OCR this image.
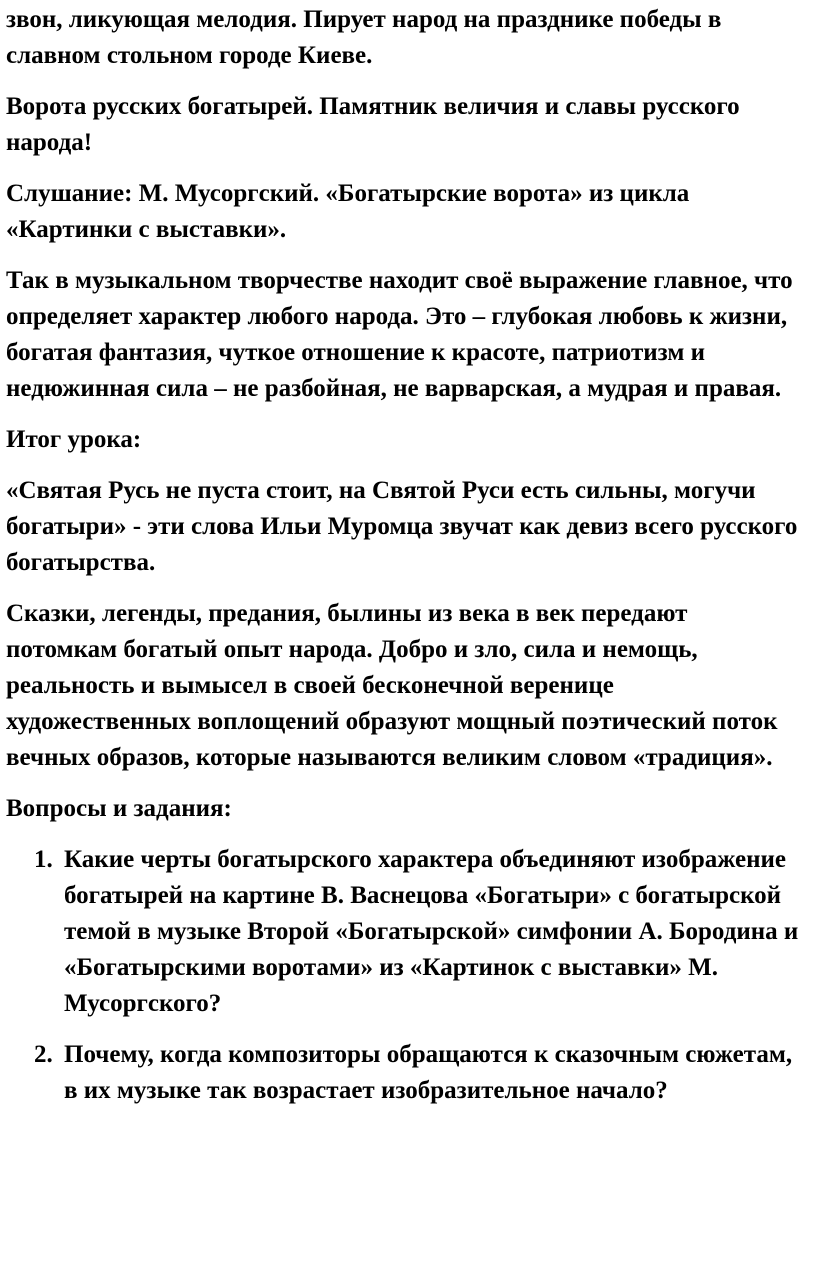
звон, ликующая мелодия. Пирует народ на празднике победы в славном стольном городе Киеве.

Ворота русских богатырей. Памятник величия и славы русского народа!

Слушание: М. Мусоргский. «Богатырские ворота» из цикла «Картинки с выставки».

Так в музыкальном творчестве находит своё выражение главное, что определяет характер любого народа. Это – глубокая любовь к жизни, богатая фантазия, чуткое отношение к красоте, патриотизм и недюжинная сила – не разбойная, не варварская, а мудрая и правая.

Итог урока:

«Святая Русь не пуста стоит, на Святой Руси есть сильны, могучи богатыри» - эти слова Ильи Муромца звучат как девиз всего русского богатырства.

Сказки, легенды, предания, былины из века в век передают потомкам богатый опыт народа. Добро и зло, сила и немощь, реальность и вымысел в своей бесконечной веренице художественных воплощений образуют мощный поэтический поток вечных образов, которые называются великим словом «традиция».

Вопросы и задания:

1. Какие черты богатырского характера объединяют изображение богатырей на картине В. Васнецова «Богатыри» с богатырской темой в музыке Второй «Богатырской» симфонии А. Бородина и «Богатырскими воротами» из «Картинок с выставки» М. Мусоргского?
2. Почему, когда композиторы обращаются к сказочным сюжетам, в их музыке так возрастает изобразительное начало?
